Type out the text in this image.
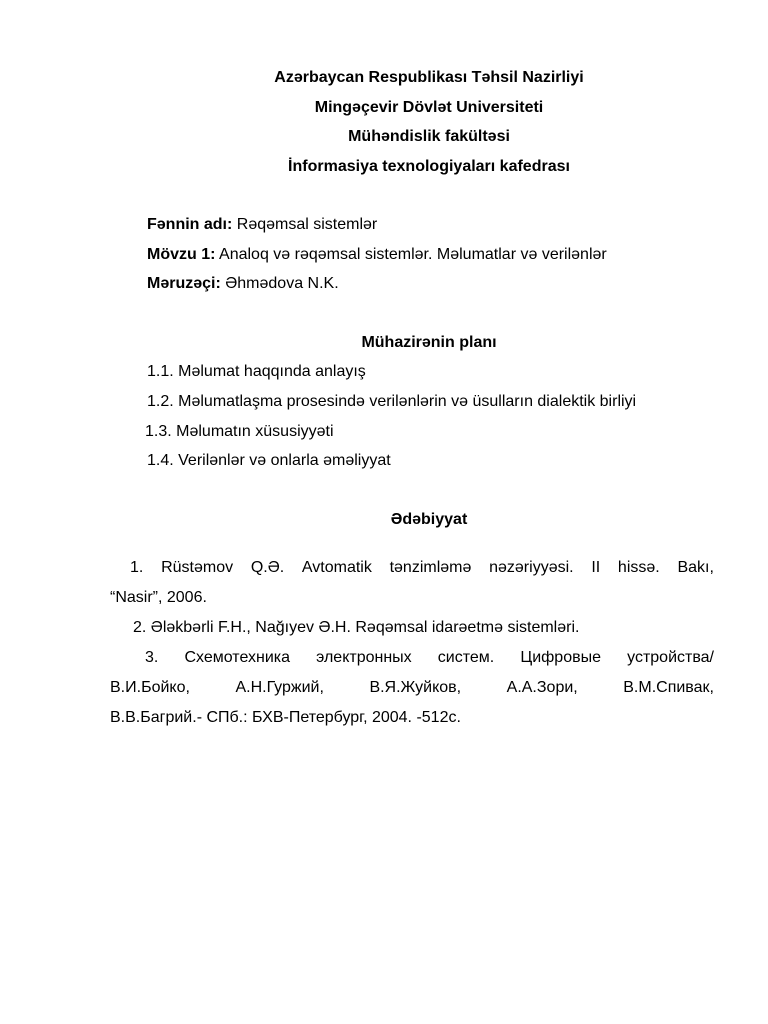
Azərbaycan Respublikası Təhsil Nazirliyi
Mingəçevir Dövlət Universiteti
Mühəndislik fakültəsi
İnformasiya texnologiyaları kafedrası
Fənnin adı: Rəqəmsal sistemlər
Mövzu 1: Analoq və rəqəmsal sistemlər. Məlumatlar və verilənlər
Məruzəçi: Əhmədova N.K.
Mühazirənin planı
1.1. Məlumat haqqında anlayış
1.2. Məlumatlaşma prosesində verilənlərin və üsulların dialektik birliyi
1.3. Məlumatın xüsusiyyəti
1.4. Verilənlər və onlarla əməliyyat
Ədəbiyyat
1. Rüstəmov Q.Ə. Avtomatik tənzimləmə nəzəriyyəsi. II hissə. Bakı,
“Nasir”, 2006.
2. Ələkbərli F.H., Nağıyev Ə.H. Rəqəmsal idarəetmə sistemləri.
3. Схемотехника электронных систем. Цифровые устройства/
В.И.Бойко,	А.Н.Гуржий,	В.Я.Жуйков,	А.А.Зори,	В.М.Спивак,
В.В.Багрий.- СПб.: БХВ-Петербург, 2004. -512с.
